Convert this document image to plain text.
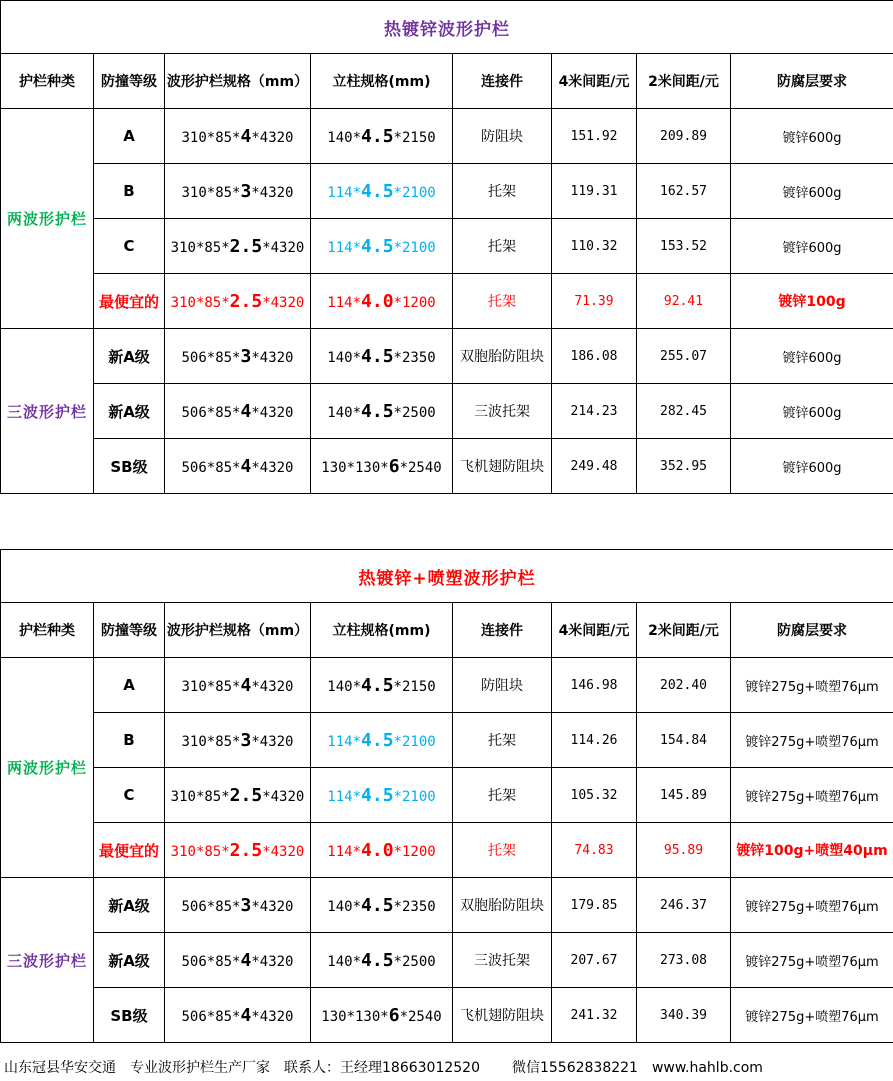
热镀锌波形护栏							
护栏种类	防撞等级	波形护栏规格（mm）	立柱规格(mm)	连接件	4米间距/元	2米间距/元	防腐层要求
两波形护栏	A	310*85*4*4320	140*4.5*2150	防阻块	151.92	209.89	镀锌600g
	B	310*85*3*4320	114*4.5*2100	托架	119.31	162.57	镀锌600g
	C	310*85*2.5*4320	114*4.5*2100	托架	110.32	153.52	镀锌600g
	最便宜的	310*85*2.5*4320	114*4.0*1200	托架	71.39	92.41	镀锌100g
三波形护栏	新A级	506*85*3*4320	140*4.5*2350	双胞胎防阻块	186.08	255.07	镀锌600g
	新A级	506*85*4*4320	140*4.5*2500	三波托架	214.23	282.45	镀锌600g
	SB级	506*85*4*4320	130*130*6*2540	飞机翅防阻块	249.48	352.95	镀锌600g
热镀锌+喷塑波形护栏							
护栏种类	防撞等级	波形护栏规格（mm）	立柱规格(mm)	连接件	4米间距/元	2米间距/元	防腐层要求
两波形护栏	A	310*85*4*4320	140*4.5*2150	防阻块	146.98	202.40	镀锌275g+喷塑76μm
	B	310*85*3*4320	114*4.5*2100	托架	114.26	154.84	镀锌275g+喷塑76μm
	C	310*85*2.5*4320	114*4.5*2100	托架	105.32	145.89	镀锌275g+喷塑76μm
	最便宜的	310*85*2.5*4320	114*4.0*1200	托架	74.83	95.89	镀锌100g+喷塑40μm
三波形护栏	新A级	506*85*3*4320	140*4.5*2350	双胞胎防阻块	179.85	246.37	镀锌275g+喷塑76μm
	新A级	506*85*4*4320	140*4.5*2500	三波托架	207.67	273.08	镀锌275g+喷塑76μm
	SB级	506*85*4*4320	130*130*6*2540	飞机翅防阻块	241.32	340.39	镀锌275g+喷塑76μm
山东冠县华安交通 专业波形护栏生产厂家 联系人：王经理18663012520 微信15562838221 www.hahlb.com
